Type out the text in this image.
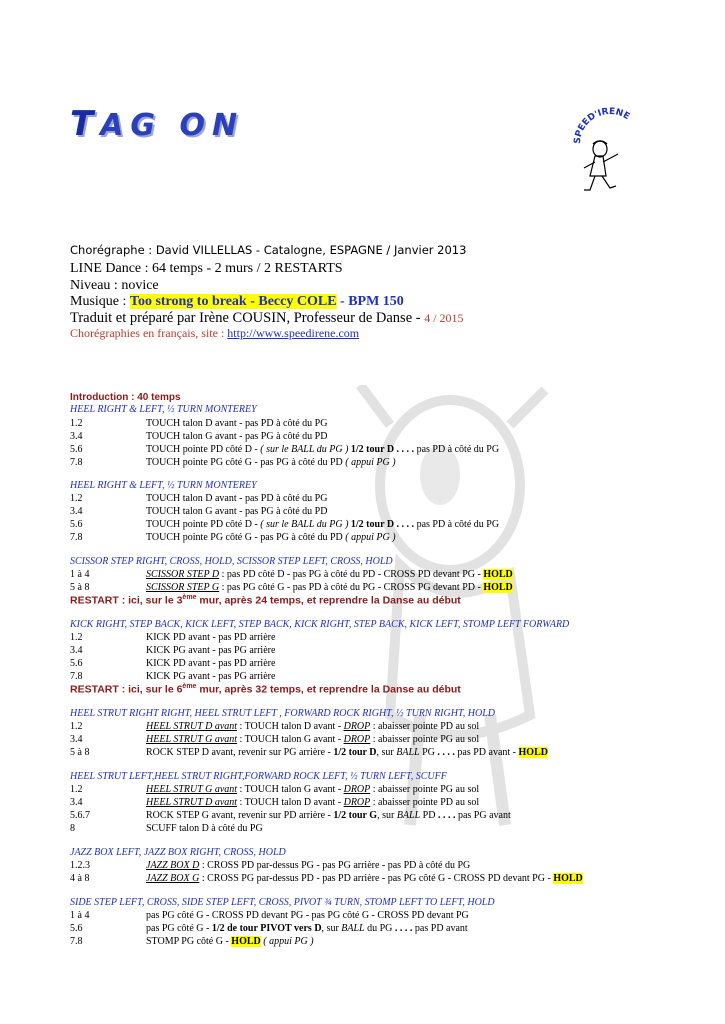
TAG ON	SPEED'IRENE
Chorégraphe : David VILLELLAS - Catalogne, ESPAGNE / Janvier 2013
LINE Dance : 64 temps - 2 murs / 2 RESTARTS
Niveau : novice
Musique : Too strong to break - Beccy COLE - BPM 150
Traduit et préparé par Irène COUSIN, Professeur de Danse - 4 / 2015
Chorégraphies en français, site : http://www.speedirene.com
Introduction : 40 temps
HEEL RIGHT & LEFT, ½ TURN MONTEREY
1.2	TOUCH talon D avant - pas PD à côté du PG
3.4	TOUCH talon G avant - pas PG à côté du PD
5.6	TOUCH pointe PD côté D - ( sur le BALL du PG ) 1/2 tour D . . . . pas PD à côté du PG
7.8	TOUCH pointe PG côté G - pas PG à côté du PD ( appui PG )
HEEL RIGHT & LEFT, ½ TURN MONTEREY
1.2	TOUCH talon D avant - pas PD à côté du PG
3.4	TOUCH talon G avant - pas PG à côté du PD
5.6	TOUCH pointe PD côté D - ( sur le BALL du PG ) 1/2 tour D . . . . pas PD à côté du PG
7.8	TOUCH pointe PG côté G - pas PG à côté du PD ( appui PG )
SCISSOR STEP RIGHT, CROSS, HOLD, SCISSOR STEP LEFT, CROSS, HOLD
1 à 4	SCISSOR STEP D : pas PD côté D - pas PG à côté du PD - CROSS PD devant PG - HOLD
5 à 8	SCISSOR STEP G : pas PG côté G - pas PD à côté du PG - CROSS PG devant PD - HOLD
RESTART : ici, sur le 3ème mur, après 24 temps, et reprendre la Danse au début
KICK RIGHT, STEP BACK, KICK LEFT, STEP BACK, KICK RIGHT, STEP BACK, KICK LEFT, STOMP LEFT FORWARD
1.2	KICK PD avant - pas PD arrière
3.4	KICK PG avant - pas PG arrière
5.6	KICK PD avant - pas PD arrière
7.8	KICK PG avant - pas PG arrière
RESTART : ici, sur le 6ème mur, après 32 temps, et reprendre la Danse au début
HEEL STRUT RIGHT RIGHT, HEEL STRUT LEFT , FORWARD ROCK RIGHT, ½ TURN RIGHT, HOLD
1.2	HEEL STRUT D avant : TOUCH talon D avant - DROP : abaisser pointe PD au sol
3.4	HEEL STRUT G avant : TOUCH talon G avant - DROP : abaisser pointe PG au sol
5 à 8	ROCK STEP D avant, revenir sur PG arrière - 1/2 tour D, sur BALL PG . . . . pas PD avant - HOLD
HEEL STRUT LEFT,HEEL STRUT RIGHT,FORWARD ROCK LEFT, ½ TURN LEFT, SCUFF
1.2	HEEL STRUT G avant : TOUCH talon G avant - DROP : abaisser pointe PG au sol
3.4	HEEL STRUT D avant : TOUCH talon D avant - DROP : abaisser pointe PD au sol
5.6.7	ROCK STEP G avant, revenir sur PD arrière - 1/2 tour G, sur BALL PD . . . . pas PG avant
8	SCUFF talon D à côté du PG
JAZZ BOX LEFT, JAZZ BOX RIGHT, CROSS, HOLD
1.2.3	JAZZ BOX D : CROSS PD par-dessus PG - pas PG arrière - pas PD à côté du PG
4 à 8	JAZZ BOX G : CROSS PG par-dessus PD - pas PD arrière - pas PG côté G - CROSS PD devant PG - HOLD
SIDE STEP LEFT, CROSS, SIDE STEP LEFT, CROSS, PIVOT ¾ TURN, STOMP LEFT TO LEFT, HOLD
1 à 4	pas PG côté G - CROSS PD devant PG - pas PG côté G - CROSS PD devant PG
5.6	pas PG côté G - 1/2 de tour PIVOT vers D, sur BALL du PG . . . . pas PD avant
7.8	STOMP PG côté G - HOLD ( appui PG )
